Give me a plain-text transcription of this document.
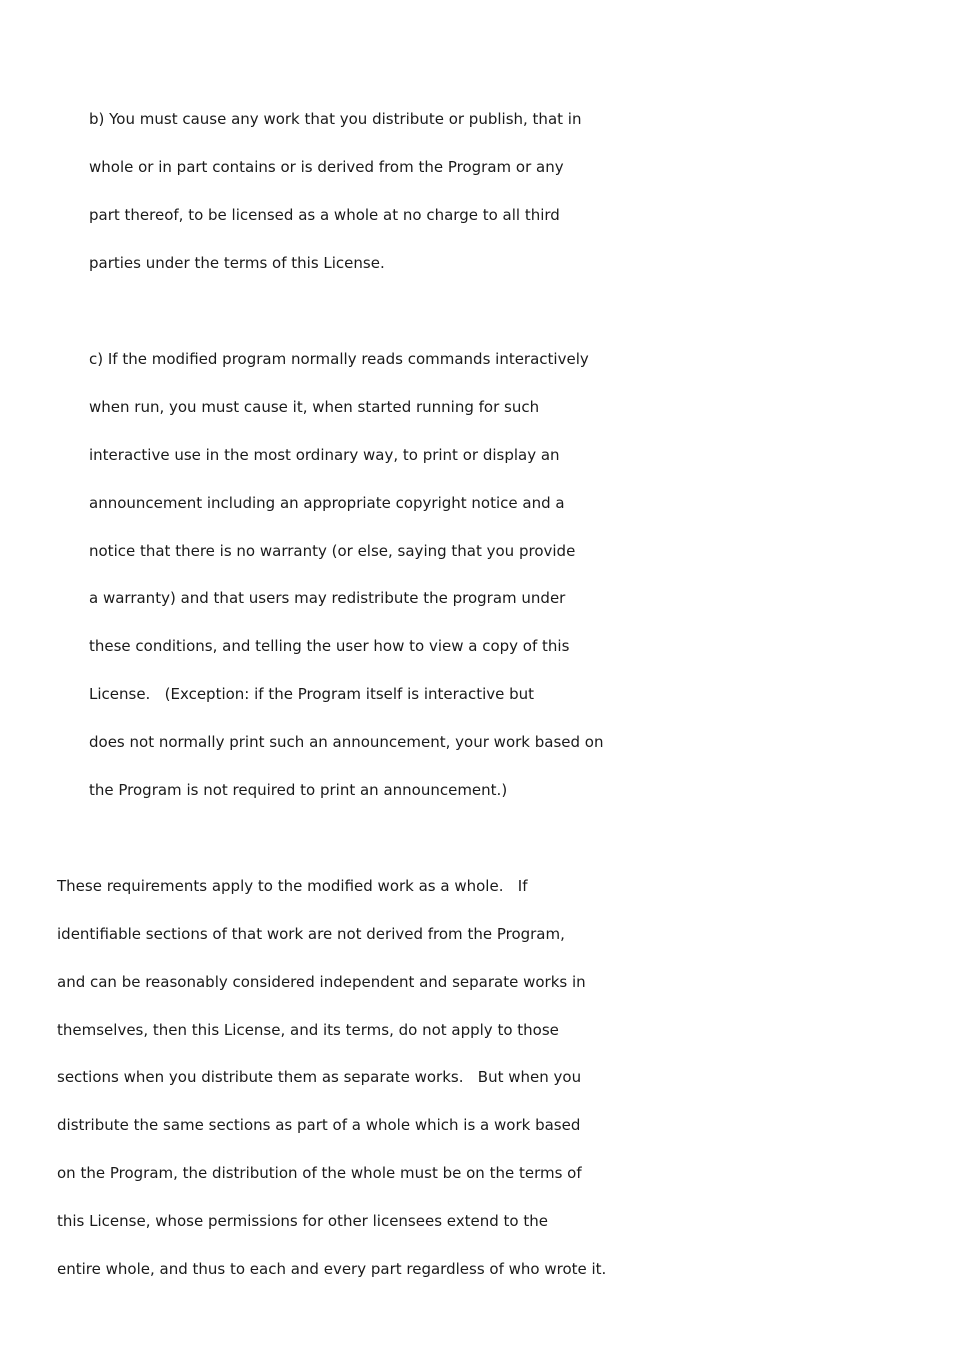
b) You must cause any work that you distribute or publish, that in
whole or in part contains or is derived from the Program or any
part thereof, to be licensed as a whole at no charge to all third
parties under the terms of this License.
c) If the modified program normally reads commands interactively
when run, you must cause it, when started running for such
interactive use in the most ordinary way, to print or display an
announcement including an appropriate copyright notice and a
notice that there is no warranty (or else, saying that you provide
a warranty) and that users may redistribute the program under
these conditions, and telling the user how to view a copy of this
License.   (Exception: if the Program itself is interactive but
does not normally print such an announcement, your work based on
the Program is not required to print an announcement.)
These requirements apply to the modified work as a whole.   If
identifiable sections of that work are not derived from the Program,
and can be reasonably considered independent and separate works in
themselves, then this License, and its terms, do not apply to those
sections when you distribute them as separate works.   But when you
distribute the same sections as part of a whole which is a work based
on the Program, the distribution of the whole must be on the terms of
this License, whose permissions for other licensees extend to the
entire whole, and thus to each and every part regardless of who wrote it.
